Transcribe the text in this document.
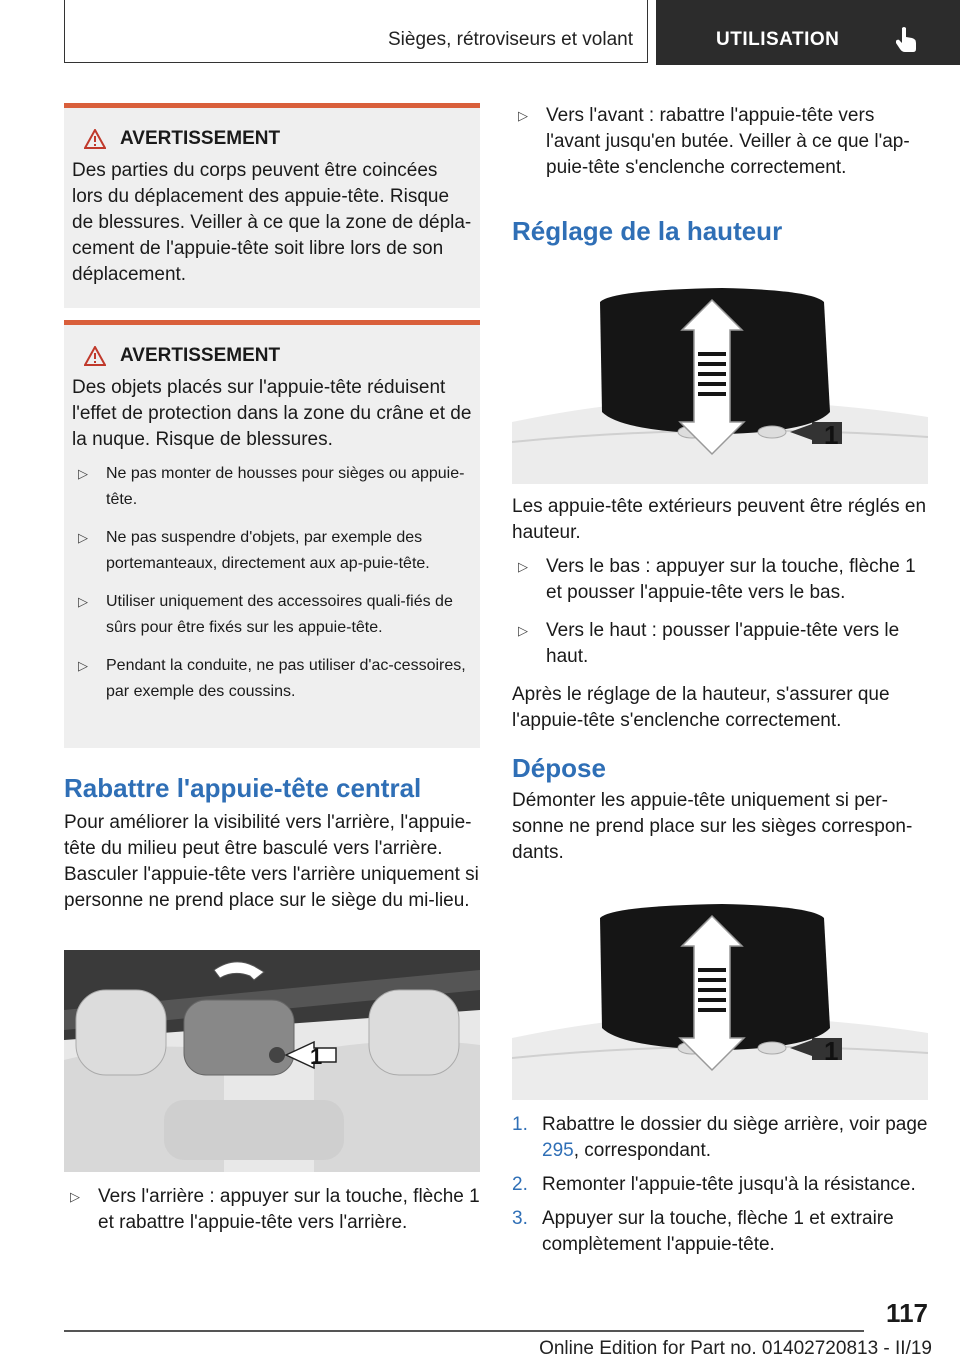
Sièges, rétroviseurs et volant	UTILISATION
AVERTISSEMENT

Des parties du corps peuvent être coincées lors du déplacement des appuie-tête. Risque de blessures. Veiller à ce que la zone de dépla-cement de l'appuie-tête soit libre lors de son déplacement.

AVERTISSEMENT

Des objets placés sur l'appuie-tête réduisent l'effet de protection dans la zone du crâne et de la nuque. Risque de blessures.

▷ Ne pas monter de housses pour sièges ou appuie-tête.
▷ Ne pas suspendre d'objets, par exemple des portemanteaux, directement aux ap-puie-tête.
▷ Utiliser uniquement des accessoires quali-fiés de sûrs pour être fixés sur les appuie-tête.
▷ Pendant la conduite, ne pas utiliser d'ac-cessoires, par exemple des coussins.
Rabattre l'appuie-tête central
Pour améliorer la visibilité vers l'arrière, l'appuie-tête du milieu peut être basculé vers l'arrière.
Basculer l'appuie-tête vers l'arrière uniquement si personne ne prend place sur le siège du mi-lieu.
1
▷ Vers l'arrière : appuyer sur la touche, flèche 1 et rabattre l'appuie-tête vers l'arrière.
▷ Vers l'avant : rabattre l'appuie-tête vers l'avant jusqu'en butée. Veiller à ce que l'ap-puie-tête s'enclenche correctement.
Réglage de la hauteur
1
Les appuie-tête extérieurs peuvent être réglés en hauteur.
▷ Vers le bas : appuyer sur la touche, flèche 1 et pousser l'appuie-tête vers le bas.
▷ Vers le haut : pousser l'appuie-tête vers le haut.
Après le réglage de la hauteur, s'assurer que l'appuie-tête s'enclenche correctement.
Dépose
Démonter les appuie-tête uniquement si per-sonne ne prend place sur les sièges correspon-dants.
1
1. Rabattre le dossier du siège arrière, voir page 295, correspondant.
2. Remonter l'appuie-tête jusqu'à la résistance.
3. Appuyer sur la touche, flèche 1 et extraire complètement l'appuie-tête.
117
Online Edition for Part no. 01402720813 - II/19
